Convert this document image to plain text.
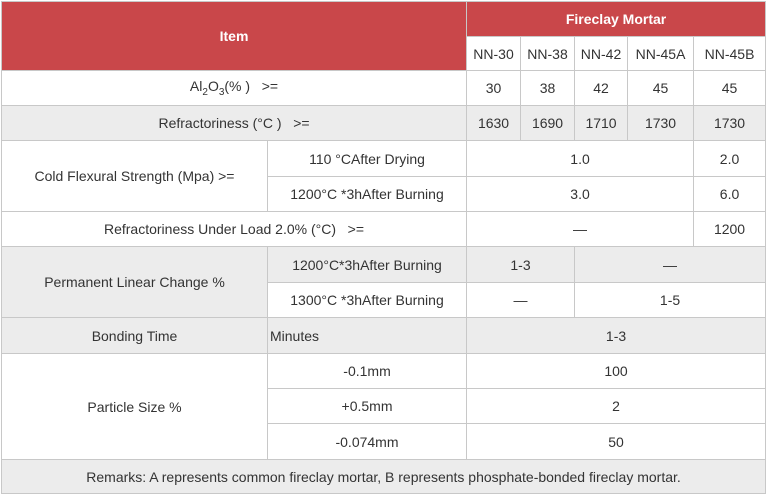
Item		Fireclay Mortar				
		NN-30	NN-38	NN-42	NN-45A	NN-45B
$Al_2O_3(\%$ )   >=		30	38	42	45	45
Refractoriness (°C )   >=		1630	1690	1710	1730	1730
Cold Flexural Strength (Mpa) >=	110 °CAfter Drying	1.0				2.0
	1200°C *3hAfter Burning	3.0				6.0
Refractoriness Under Load 2.0% (°C)   >=		—				1200
Permanent Linear Change %	1200°C*3hAfter Burning	1-3		—		
	1300°C *3hAfter Burning	—		1-5		
Bonding Time	Minutes	1-3				
Particle Size %	-0.1mm	100				
	+0.5mm	2				
	-0.074mm	50				
Remarks: A represents common fireclay mortar, B represents phosphate-bonded fireclay mortar.						
